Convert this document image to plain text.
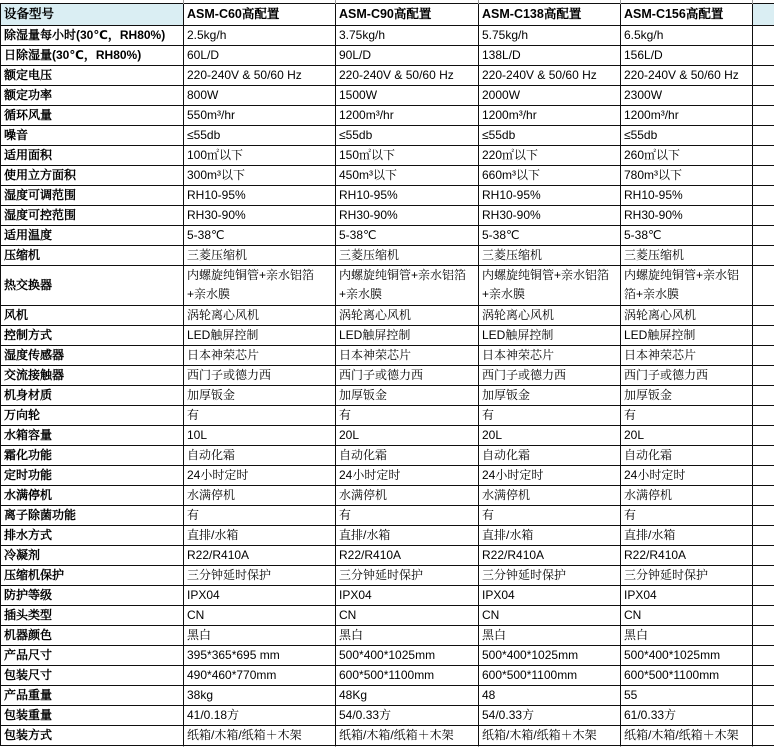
设备型号	ASM-C60高配置	ASM-C90高配置	ASM-C138高配置	ASM-C156高配置	
除湿量每小时(30℃，RH80%)	2.5kg/h	3.75kg/h	5.75kg/h	6.5kg/h	
日除湿量(30℃，RH80%)	60L/D	90L/D	138L/D	156L/D	
额定电压	220-240V & 50/60 Hz	220-240V & 50/60 Hz	220-240V & 50/60 Hz	220-240V & 50/60 Hz	
额定功率	800W	1500W	2000W	2300W	
循环风量	550m³/hr	1200m³/hr	1200m³/hr	1200m³/hr	
噪音	≤55db	≤55db	≤55db	≤55db	
适用面积	100㎡以下	150㎡以下	220㎡以下	260㎡以下	
使用立方面积	300m³以下	450m³以下	660m³以下	780m³以下	
湿度可调范围	RH10-95%	RH10-95%	RH10-95%	RH10-95%	
湿度可控范围	RH30-90%	RH30-90%	RH30-90%	RH30-90%	
适用温度	5-38℃	5-38℃	5-38℃	5-38℃	
压缩机	三菱压缩机	三菱压缩机	三菱压缩机	三菱压缩机	
热交换器	内螺旋纯铜管+亲水铝箔+亲水膜	内螺旋纯铜管+亲水铝箔+亲水膜	内螺旋纯铜管+亲水铝箔+亲水膜	内螺旋纯铜管+亲水铝箔+亲水膜	
风机	涡轮离心风机	涡轮离心风机	涡轮离心风机	涡轮离心风机	
控制方式	LED触屏控制	LED触屏控制	LED触屏控制	LED触屏控制	
湿度传感器	日本神荣芯片	日本神荣芯片	日本神荣芯片	日本神荣芯片	
交流接触器	西门子或德力西	西门子或德力西	西门子或德力西	西门子或德力西	
机身材质	加厚钣金	加厚钣金	加厚钣金	加厚钣金	
万向轮	有	有	有	有	
水箱容量	10L	20L	20L	20L	
霜化功能	自动化霜	自动化霜	自动化霜	自动化霜	
定时功能	24小时定时	24小时定时	24小时定时	24小时定时	
水满停机	水满停机	水满停机	水满停机	水满停机	
离子除菌功能	有	有	有	有	
排水方式	直排/水箱	直排/水箱	直排/水箱	直排/水箱	
冷凝剂	R22/R410A	R22/R410A	R22/R410A	R22/R410A	
压缩机保护	三分钟延时保护	三分钟延时保护	三分钟延时保护	三分钟延时保护	
防护等级	IPX04	IPX04	IPX04	IPX04	
插头类型	CN	CN	CN	CN	
机器颜色	黑白	黑白	黑白	黑白	
产品尺寸	395*365*695 mm	500*400*1025mm	500*400*1025mm	500*400*1025mm	
包装尺寸	490*460*770mm	600*500*1100mm	600*500*1100mm	600*500*1100mm	
产品重量	38kg	48Kg	48	55	
包装重量	41/0.18方	54/0.33方	54/0.33方	61/0.33方	
包装方式	纸箱/木箱/纸箱＋木架	纸箱/木箱/纸箱＋木架	纸箱/木箱/纸箱＋木架	纸箱/木箱/纸箱＋木架	
